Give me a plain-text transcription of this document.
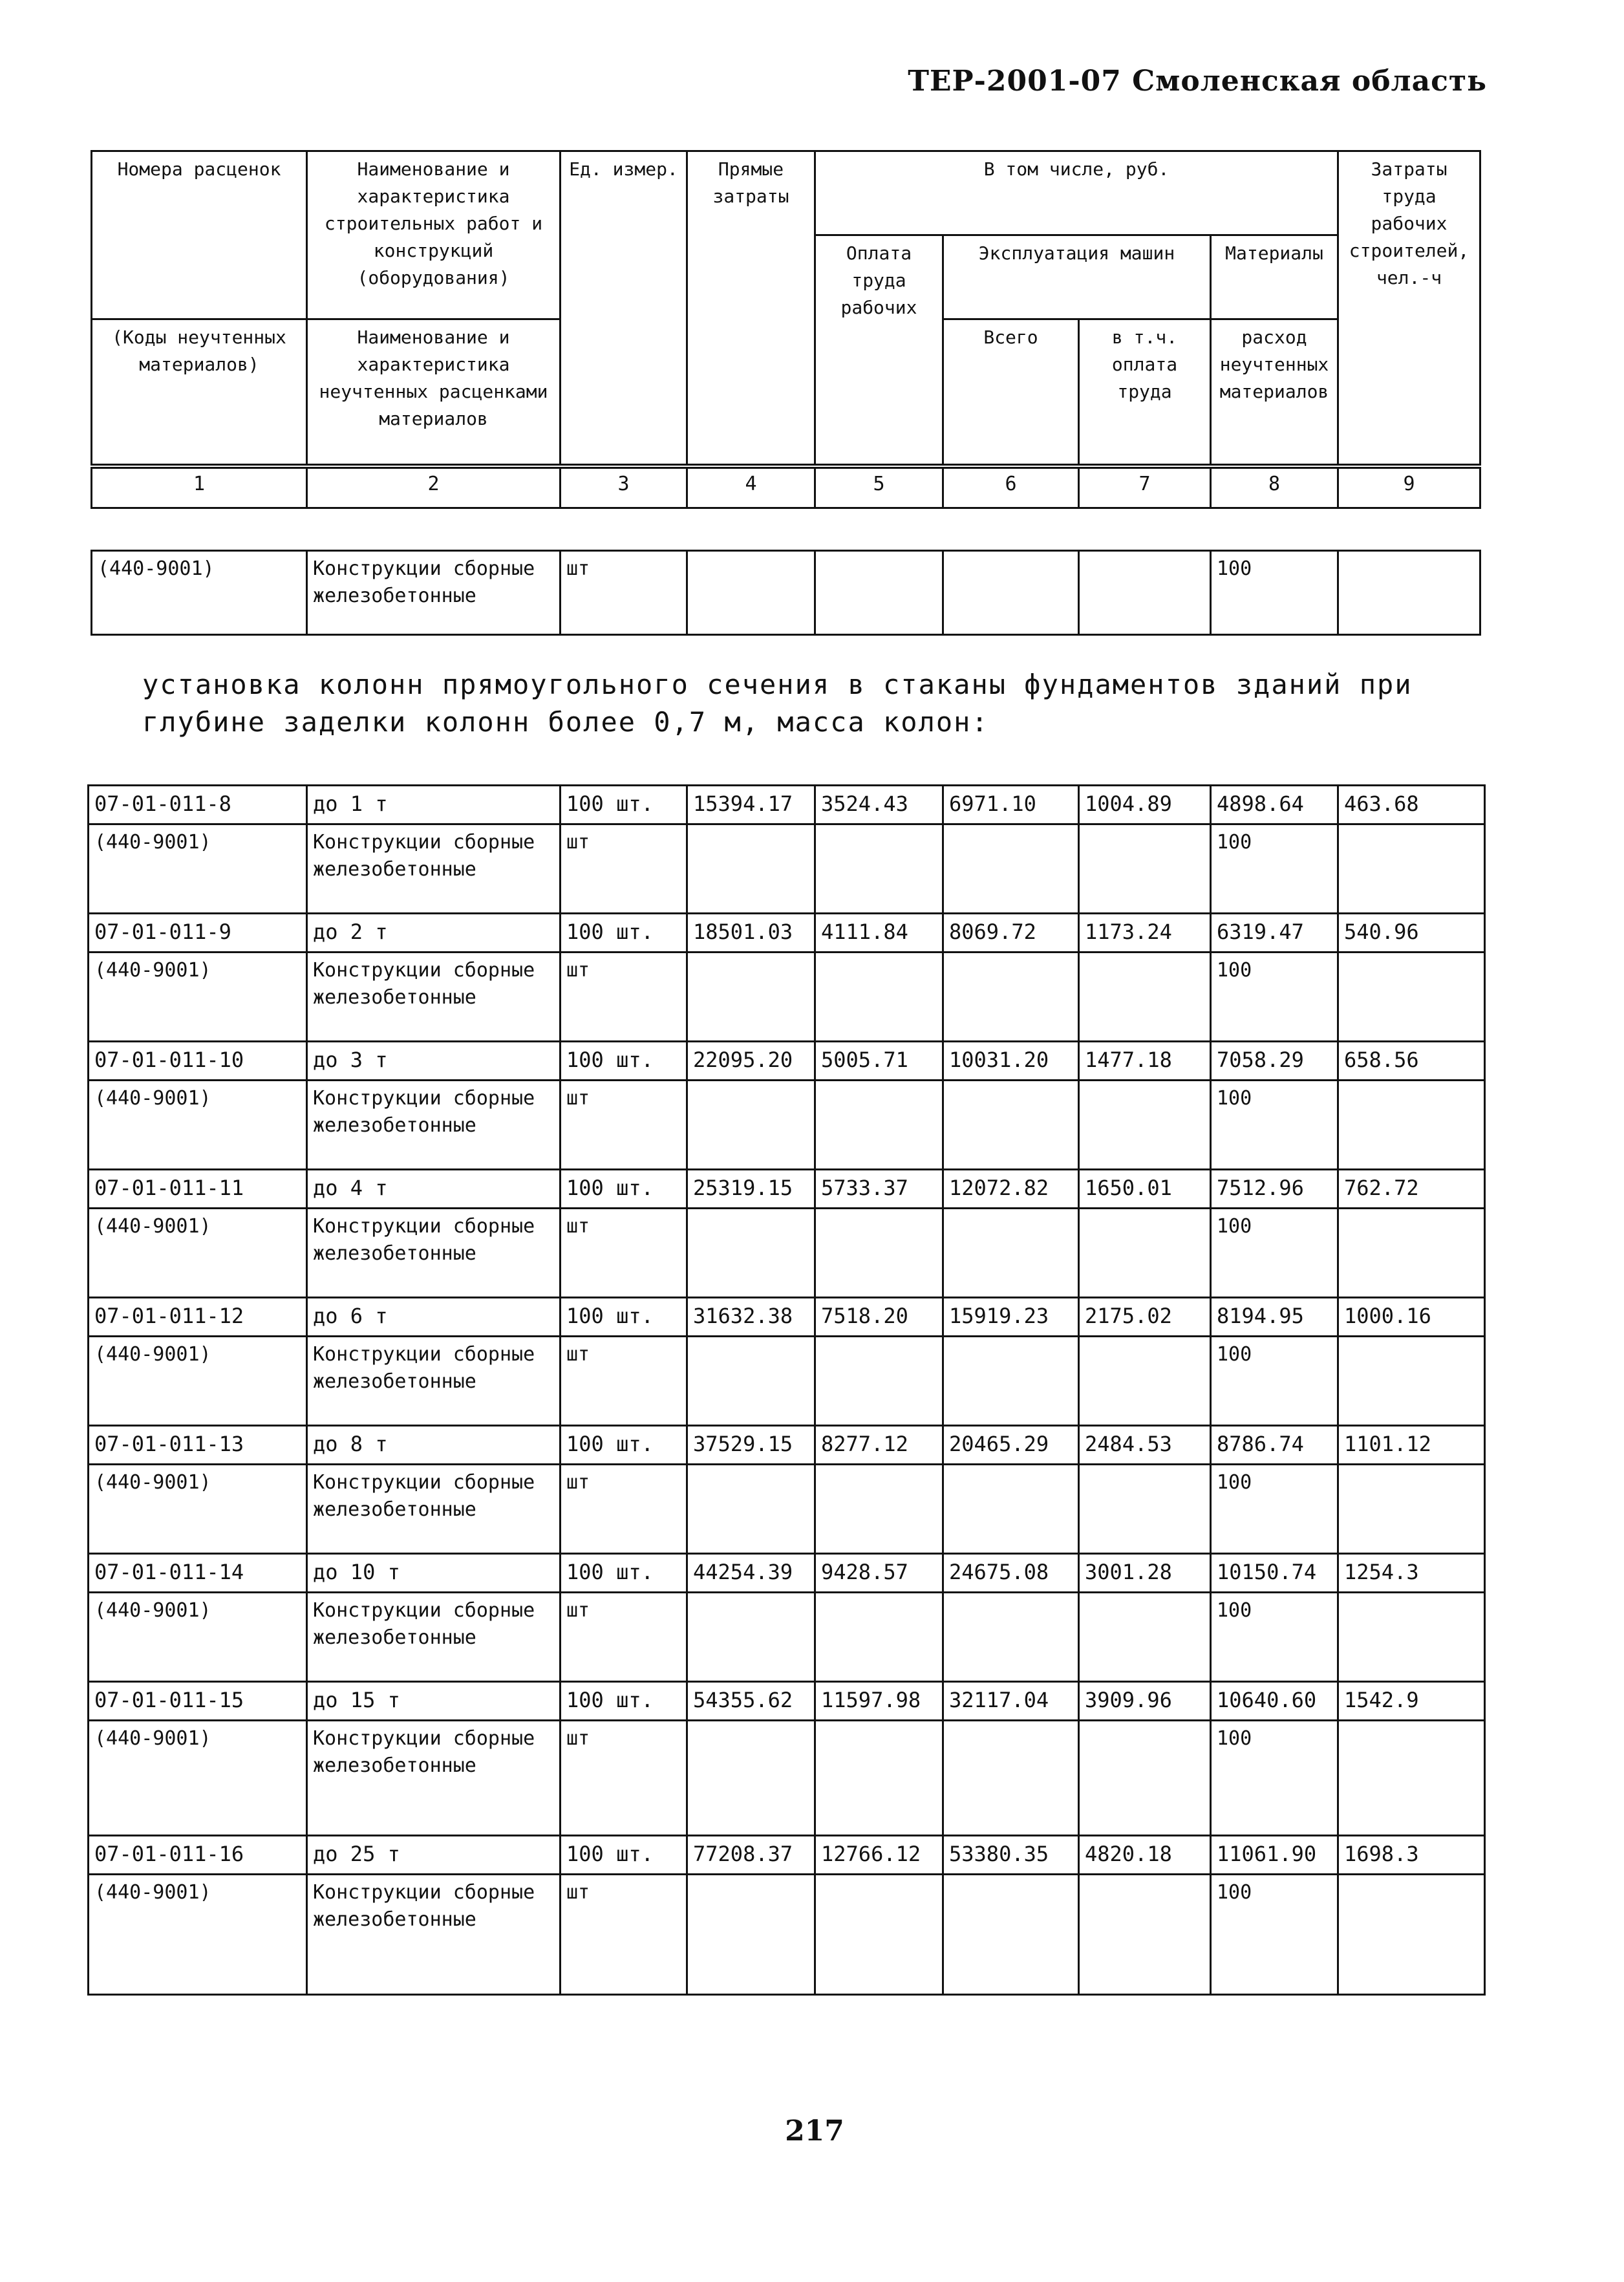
ТЕР-2001-07 Смоленская область
Номера расценок	Наименование и характеристика строительных работ и конструкций (оборудования)	Ед. измер.	Прямые затраты	В том числе, руб.				Затраты труда рабочих строителей, чел.-ч
				Оплата труда рабочих	Эксплуатация машин		Материалы	
(Коды неучтенных материалов)	Наименование и характеристика неучтенных расценками материалов				Всего	в т.ч. оплата труда	расход неучтенных материалов	
1	2	3	4	5	6	7	8	9
(440-9001)	Конструкции сборные железобетонные	шт					100	
установка колонн прямоугольного сечения в стаканы фундаментов зданий при глубине заделки колонн более 0,7 м, масса колон:
07-01-011-8	до 1 т	100 шт.	15394.17	3524.43	6971.10	1004.89	4898.64	463.68
(440-9001)	Конструкции сборные железобетонные	шт					100	
07-01-011-9	до 2 т	100 шт.	18501.03	4111.84	8069.72	1173.24	6319.47	540.96
(440-9001)	Конструкции сборные железобетонные	шт					100	
07-01-011-10	до 3 т	100 шт.	22095.20	5005.71	10031.20	1477.18	7058.29	658.56
(440-9001)	Конструкции сборные железобетонные	шт					100	
07-01-011-11	до 4 т	100 шт.	25319.15	5733.37	12072.82	1650.01	7512.96	762.72
(440-9001)	Конструкции сборные железобетонные	шт					100	
07-01-011-12	до 6 т	100 шт.	31632.38	7518.20	15919.23	2175.02	8194.95	1000.16
(440-9001)	Конструкции сборные железобетонные	шт					100	
07-01-011-13	до 8 т	100 шт.	37529.15	8277.12	20465.29	2484.53	8786.74	1101.12
(440-9001)	Конструкции сборные железобетонные	шт					100	
07-01-011-14	до 10 т	100 шт.	44254.39	9428.57	24675.08	3001.28	10150.74	1254.3
(440-9001)	Конструкции сборные железобетонные	шт					100	
07-01-011-15	до 15 т	100 шт.	54355.62	11597.98	32117.04	3909.96	10640.60	1542.9
(440-9001)	Конструкции сборные железобетонные	шт					100	
07-01-011-16	до 25 т	100 шт.	77208.37	12766.12	53380.35	4820.18	11061.90	1698.3
(440-9001)	Конструкции сборные железобетонные	шт					100	
217
